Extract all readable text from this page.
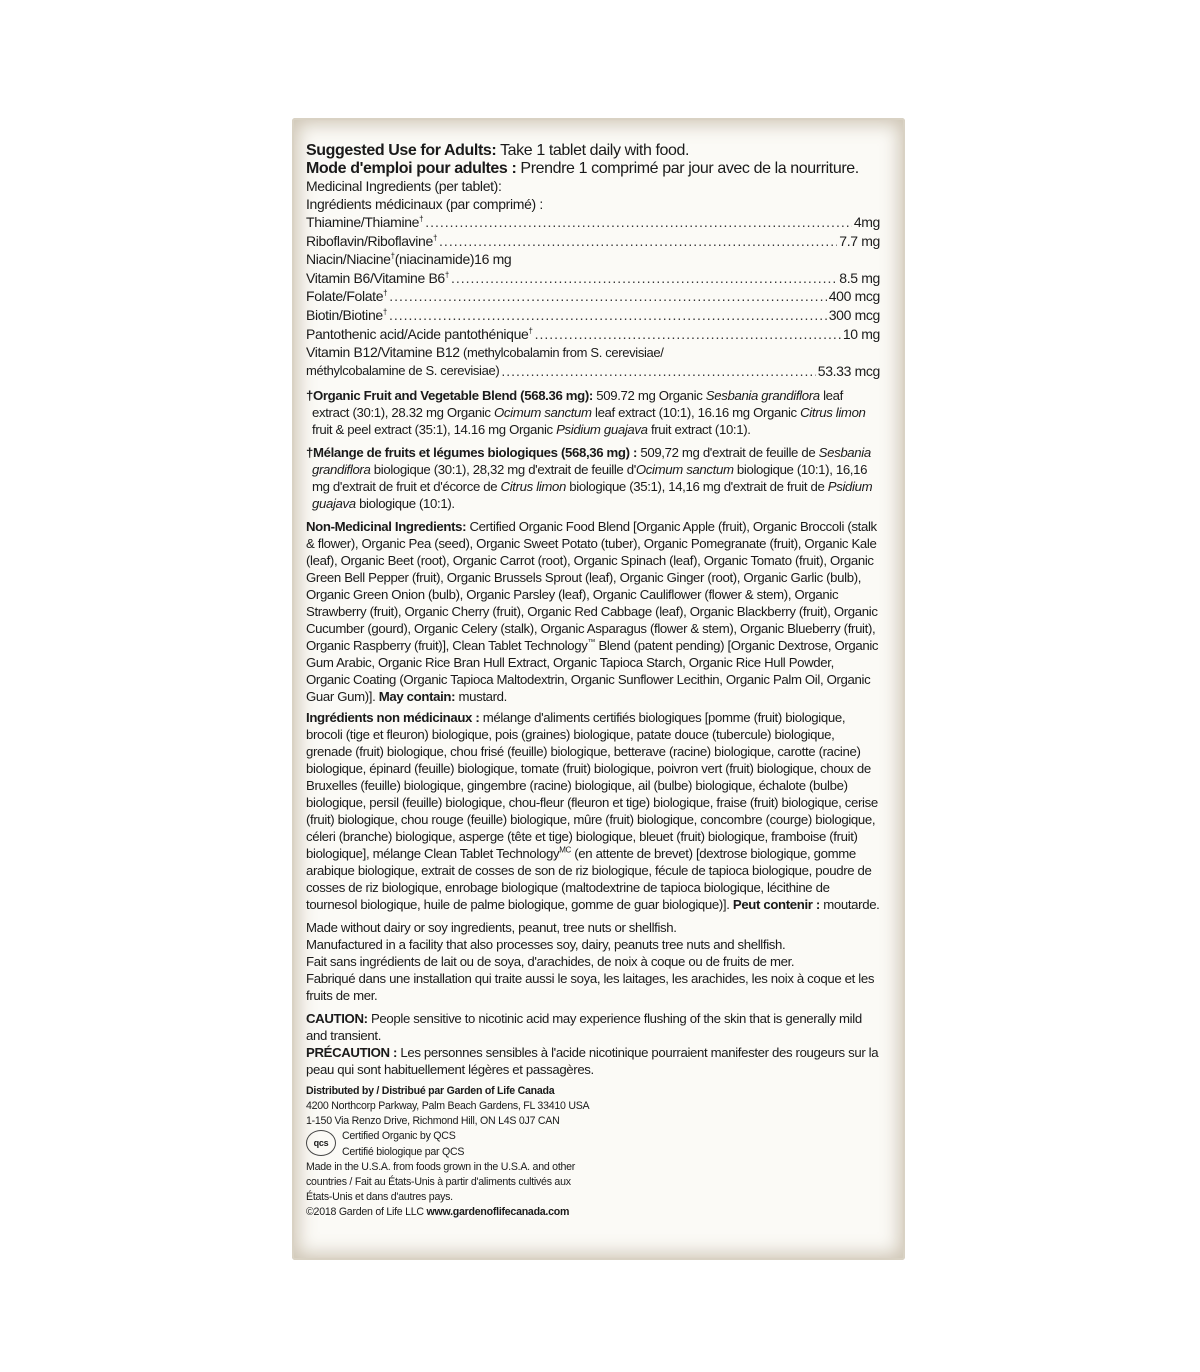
Suggested Use for Adults: Take 1 tablet daily with food.

Mode d'emploi pour adultes : Prendre 1 comprimé par jour avec de la nourriture.

Medicinal Ingredients (per tablet):

Ingrédients médicinaux (par comprimé) :

Thiamine/Thiamine† .....	4mg
Riboflavin/Riboflavine† .....	7.7 mg
Niacin/Niacine†(niacinamide)16 mg
Vitamin B6/Vitamine B6† .....	8.5 mg
Folate/Folate† .....	400 mcg
Biotin/Biotine† .....	300 mcg
Pantothenic acid/Acide pantothénique† .....	10 mg

Vitamin B12/Vitamine B12 (methylcobalamin from S. cerevisiae/

méthylcobalamine de S. cerevisiae) .....	53.33 mcg

†Organic Fruit and Vegetable Blend (568.36 mg): 509.72 mg Organic Sesbania grandiflora leaf extract (30:1), 28.32 mg Organic Ocimum sanctum leaf extract (10:1), 16.16 mg Organic Citrus limon fruit & peel extract (35:1), 14.16 mg Organic Psidium guajava fruit extract (10:1).

†Mélange de fruits et légumes biologiques (568,36 mg) : 509,72 mg d'extrait de feuille de Sesbania grandiflora biologique (30:1), 28,32 mg d'extrait de feuille d'Ocimum sanctum biologique (10:1), 16,16 mg d'extrait de fruit et d'écorce de Citrus limon biologique (35:1), 14,16 mg d'extrait de fruit de Psidium guajava biologique (10:1).

Non-Medicinal Ingredients: Certified Organic Food Blend [Organic Apple (fruit), Organic Broccoli (stalk & flower), Organic Pea (seed), Organic Sweet Potato (tuber), Organic Pomegranate (fruit), Organic Kale (leaf), Organic Beet (root), Organic Carrot (root), Organic Spinach (leaf), Organic Tomato (fruit), Organic Green Bell Pepper (fruit), Organic Brussels Sprout (leaf), Organic Ginger (root), Organic Garlic (bulb), Organic Green Onion (bulb), Organic Parsley (leaf), Organic Cauliflower (flower & stem), Organic Strawberry (fruit), Organic Cherry (fruit), Organic Red Cabbage (leaf), Organic Blackberry (fruit), Organic Cucumber (gourd), Organic Celery (stalk), Organic Asparagus (flower & stem), Organic Blueberry (fruit), Organic Raspberry (fruit)], Clean Tablet Technology™ Blend (patent pending) [Organic Dextrose, Organic Gum Arabic, Organic Rice Bran Hull Extract, Organic Tapioca Starch, Organic Rice Hull Powder, Organic Coating (Organic Tapioca Maltodextrin, Organic Sunflower Lecithin, Organic Palm Oil, Organic Guar Gum)]. May contain: mustard.

Ingrédients non médicinaux : mélange d'aliments certifiés biologiques [pomme (fruit) biologique, brocoli (tige et fleuron) biologique, pois (graines) biologique, patate douce (tubercule) biologique, grenade (fruit) biologique, chou frisé (feuille) biologique, betterave (racine) biologique, carotte (racine) biologique, épinard (feuille) biologique, tomate (fruit) biologique, poivron vert (fruit) biologique, choux de Bruxelles (feuille) biologique, gingembre (racine) biologique, ail (bulbe) biologique, échalote (bulbe) biologique, persil (feuille) biologique, chou-fleur (fleuron et tige) biologique, fraise (fruit) biologique, cerise (fruit) biologique, chou rouge (feuille) biologique, mûre (fruit) biologique, concombre (courge) biologique, céleri (branche) biologique, asperge (tête et tige) biologique, bleuet (fruit) biologique, framboise (fruit) biologique], mélange Clean Tablet Technology$^{MC}$ (en attente de brevet) [dextrose biologique, gomme arabique biologique, extrait de cosses de son de riz biologique, fécule de tapioca biologique, poudre de cosses de riz biologique, enrobage biologique (maltodextrine de tapioca biologique, lécithine de tournesol biologique, huile de palme biologique, gomme de guar biologique)]. Peut contenir : moutarde.

Made without dairy or soy ingredients, peanut, tree nuts or shellfish.

Manufactured in a facility that also processes soy, dairy, peanuts tree nuts and shellfish.

Fait sans ingrédients de lait ou de soya, d'arachides, de noix à coque ou de fruits de mer.

Fabriqué dans une installation qui traite aussi le soya, les laitages, les arachides, les noix à coque et les fruits de mer.

CAUTION: People sensitive to nicotinic acid may experience flushing of the skin that is generally mild and transient.

PRÉCAUTION : Les personnes sensibles à l'acide nicotinique pourraient manifester des rougeurs sur la peau qui sont habituellement légères et passagères.

Distributed by / Distribué par Garden of Life Canada

4200 Northcorp Parkway, Palm Beach Gardens, FL 33410 USA

1-150 Via Renzo Drive, Richmond Hill, ON L4S 0J7 CAN

qcs

Certified Organic by QCS

Certifié biologique par QCS

Made in the U.S.A. from foods grown in the U.S.A. and other countries / Fait au États-Unis à partir d'aliments cultivés aux États-Unis et dans d'autres pays.

©2018 Garden of Life LLC www.gardenoflifecanada.com
